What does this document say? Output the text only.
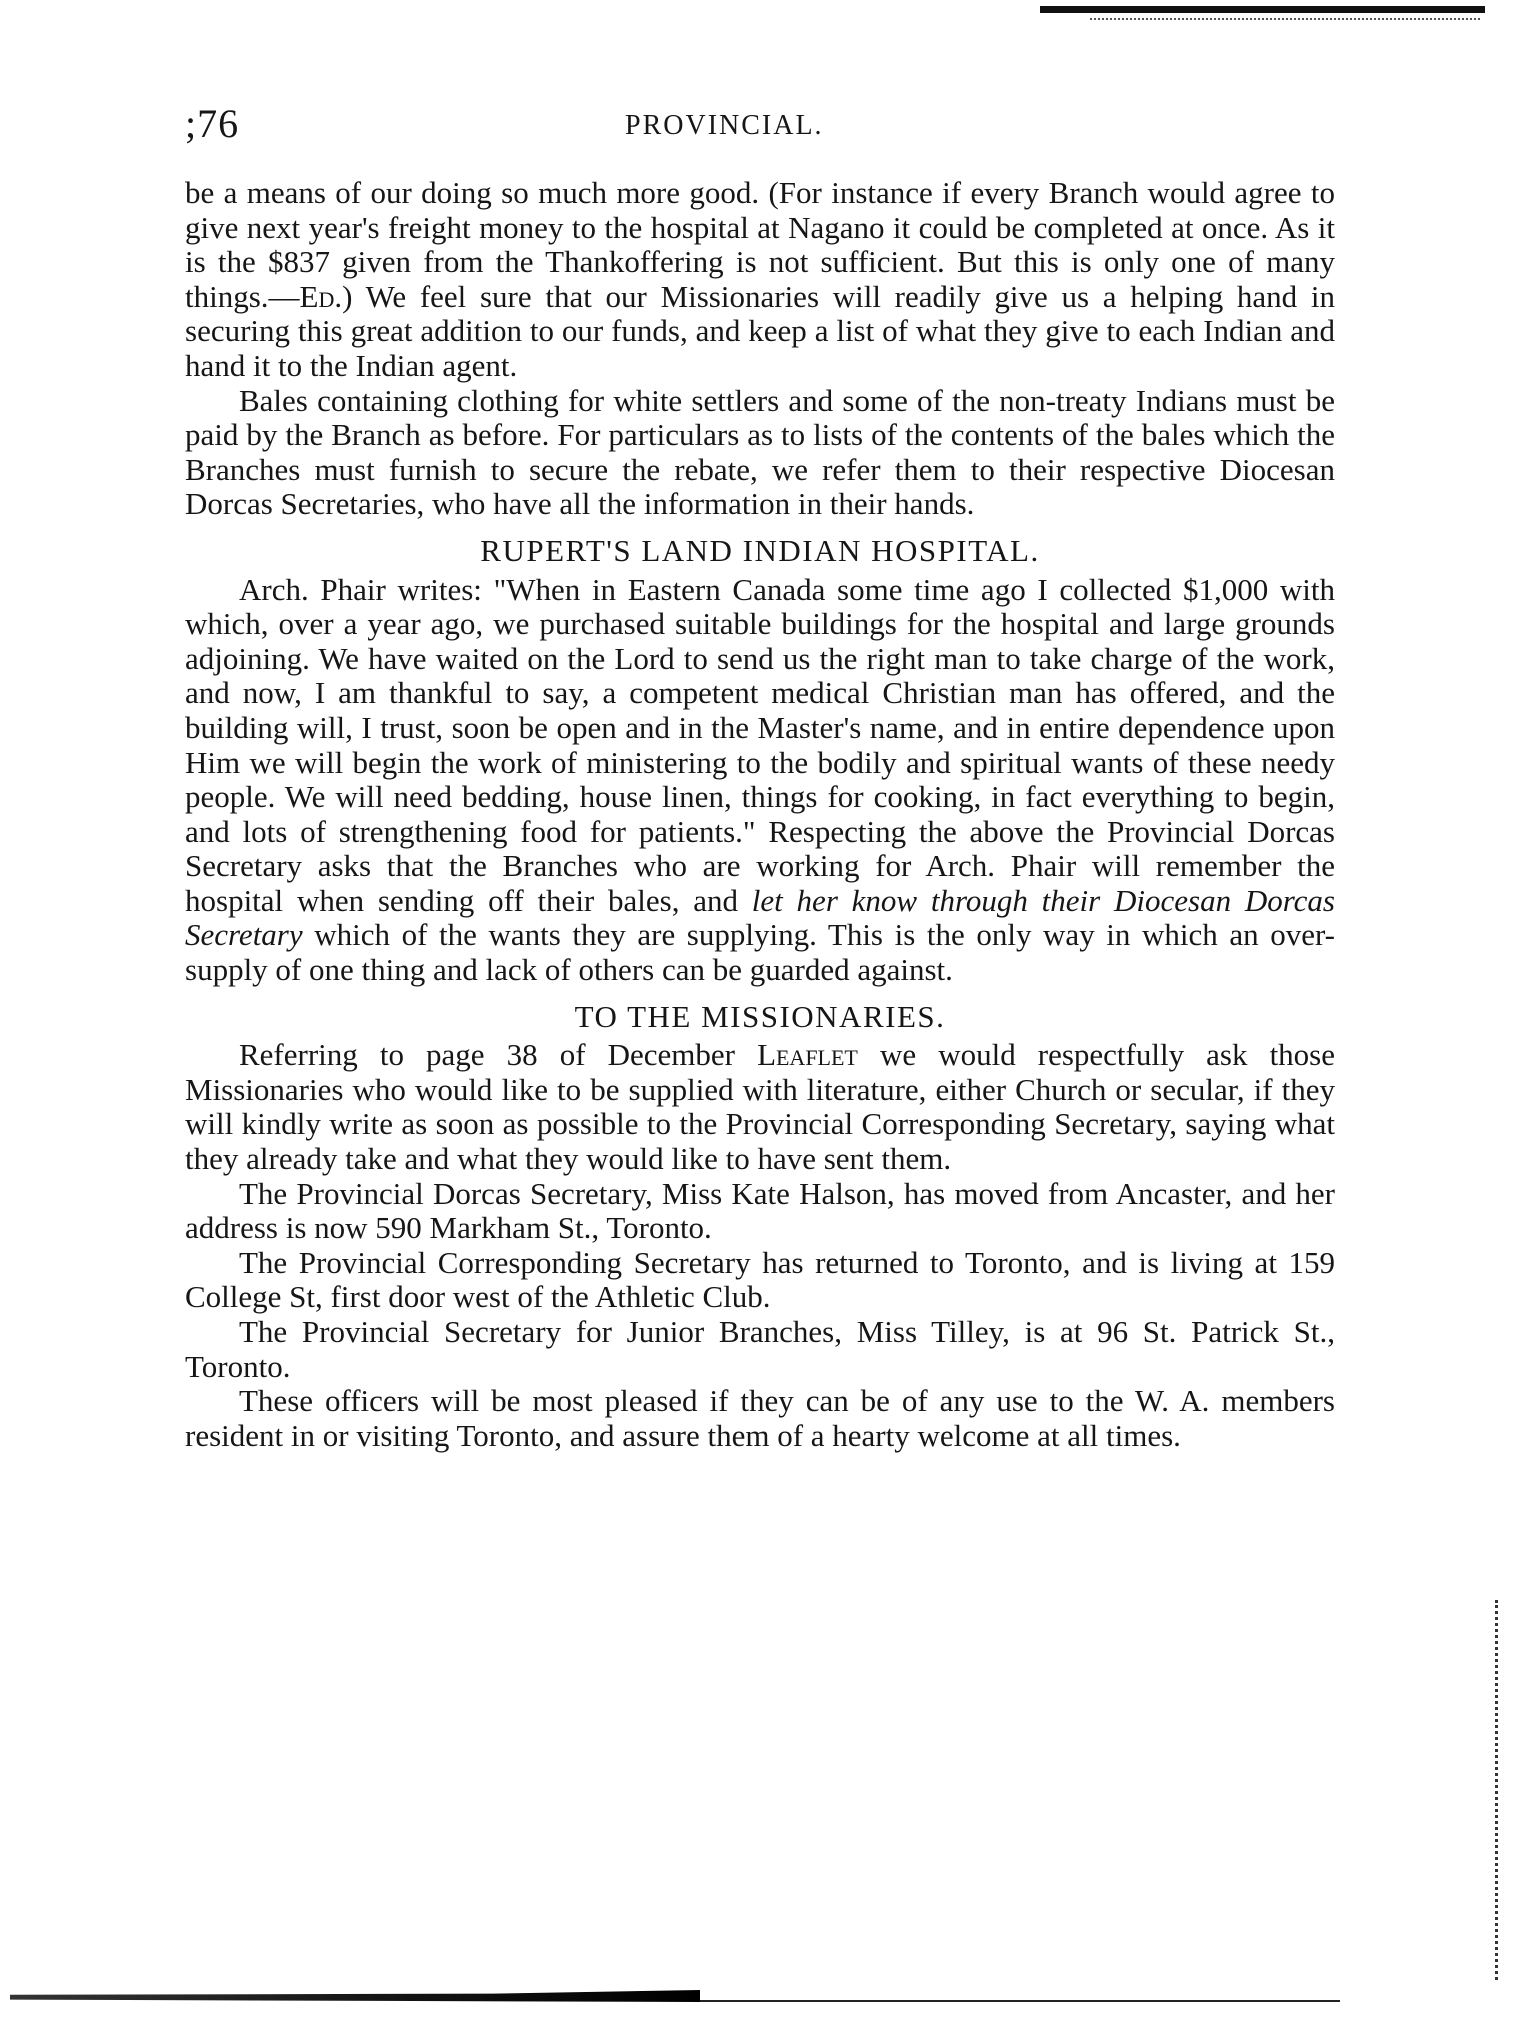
;76	PROVINCIAL.

be a means of our doing so much more good. (For instance if every Branch would agree to give next year's freight money to the hospital at Nagano it could be completed at once. As it is the $837 given from the Thankoffering is not sufficient. But this is only one of many things.—Ed.) We feel sure that our Missionaries will readily give us a helping hand in securing this great addition to our funds, and keep a list of what they give to each Indian and hand it to the Indian agent.

Bales containing clothing for white settlers and some of the non-treaty Indians must be paid by the Branch as before. For particulars as to lists of the contents of the bales which the Branches must furnish to secure the rebate, we refer them to their respective Diocesan Dorcas Secretaries, who have all the information in their hands.

RUPERT'S LAND INDIAN HOSPITAL.

Arch. Phair writes: "When in Eastern Canada some time ago I collected $1,000 with which, over a year ago, we purchased suitable buildings for the hospital and large grounds adjoining. We have waited on the Lord to send us the right man to take charge of the work, and now, I am thankful to say, a competent medical Christian man has offered, and the building will, I trust, soon be open and in the Master's name, and in entire dependence upon Him we will begin the work of ministering to the bodily and spiritual wants of these needy people. We will need bedding, house linen, things for cooking, in fact everything to begin, and lots of strengthening food for patients." Respecting the above the Provincial Dorcas Secretary asks that the Branches who are working for Arch. Phair will remember the hospital when sending off their bales, and let her know through their Diocesan Dorcas Secretary which of the wants they are supplying. This is the only way in which an over-supply of one thing and lack of others can be guarded against.

TO THE MISSIONARIES.

Referring to page 38 of December Leaflet we would respectfully ask those Missionaries who would like to be supplied with literature, either Church or secular, if they will kindly write as soon as possible to the Provincial Corresponding Secretary, saying what they already take and what they would like to have sent them.

The Provincial Dorcas Secretary, Miss Kate Halson, has moved from Ancaster, and her address is now 590 Markham St., Toronto.

The Provincial Corresponding Secretary has returned to Toronto, and is living at 159 College St, first door west of the Athletic Club.

The Provincial Secretary for Junior Branches, Miss Tilley, is at 96 St. Patrick St., Toronto.

These officers will be most pleased if they can be of any use to the W. A. members resident in or visiting Toronto, and assure them of a hearty welcome at all times.
